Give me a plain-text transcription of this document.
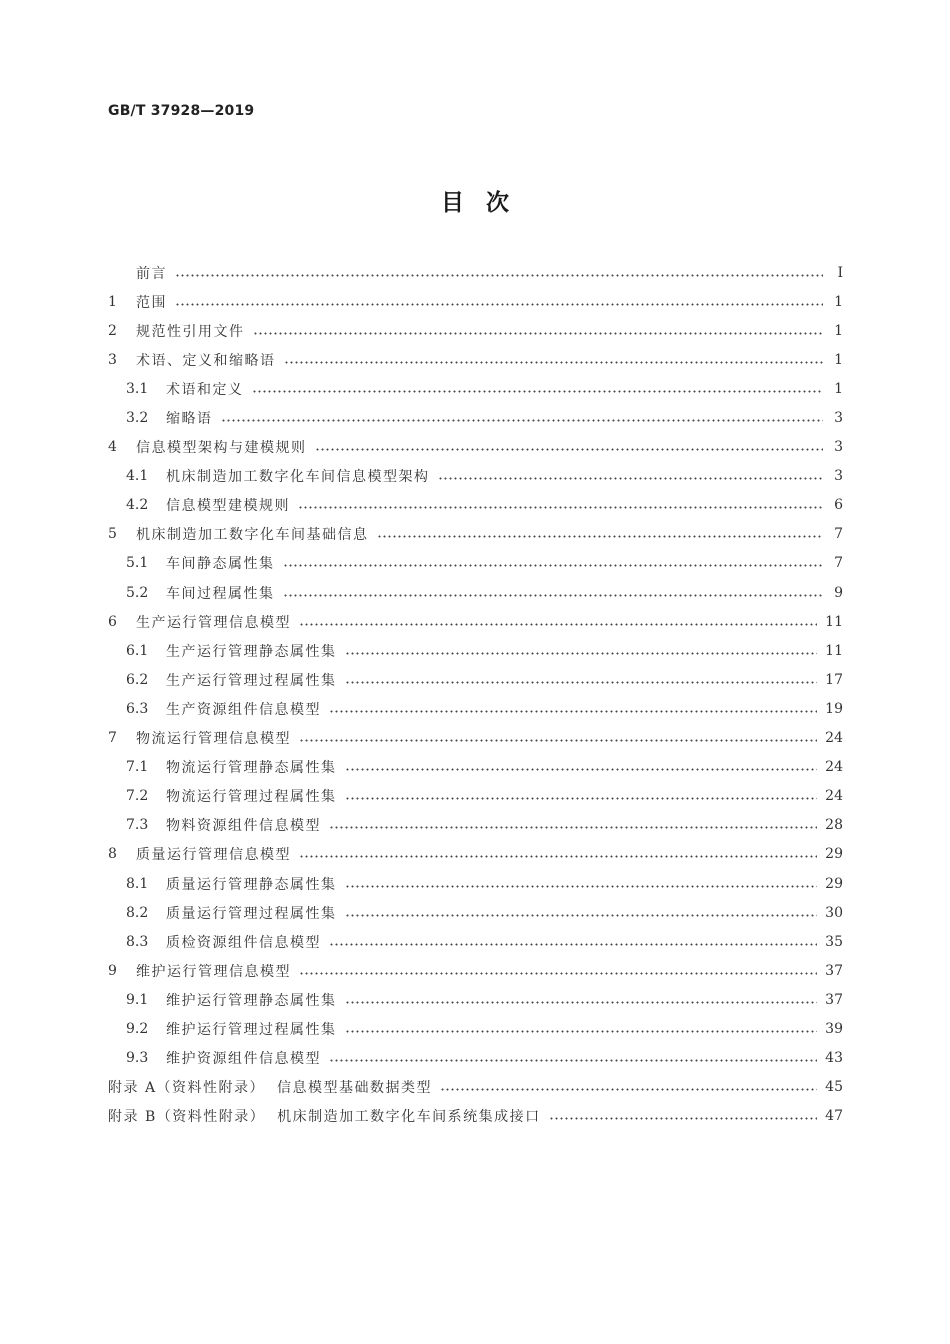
GB/T 37928—2019
目次
前言	Ⅰ
1	范围	1
2	规范性引用文件	1
3	术语、定义和缩略语	1
3.1	术语和定义	1
3.2	缩略语	3
4	信息模型架构与建模规则	3
4.1	机床制造加工数字化车间信息模型架构	3
4.2	信息模型建模规则	6
5	机床制造加工数字化车间基础信息	7
5.1	车间静态属性集	7
5.2	车间过程属性集	9
6	生产运行管理信息模型	11
6.1	生产运行管理静态属性集	11
6.2	生产运行管理过程属性集	17
6.3	生产资源组件信息模型	19
7	物流运行管理信息模型	24
7.1	物流运行管理静态属性集	24
7.2	物流运行管理过程属性集	24
7.3	物料资源组件信息模型	28
8	质量运行管理信息模型	29
8.1	质量运行管理静态属性集	29
8.2	质量运行管理过程属性集	30
8.3	质检资源组件信息模型	35
9	维护运行管理信息模型	37
9.1	维护运行管理静态属性集	37
9.2	维护运行管理过程属性集	39
9.3	维护资源组件信息模型	43
附录 A（资料性附录）  信息模型基础数据类型	45
附录 B（资料性附录）  机床制造加工数字化车间系统集成接口	47
